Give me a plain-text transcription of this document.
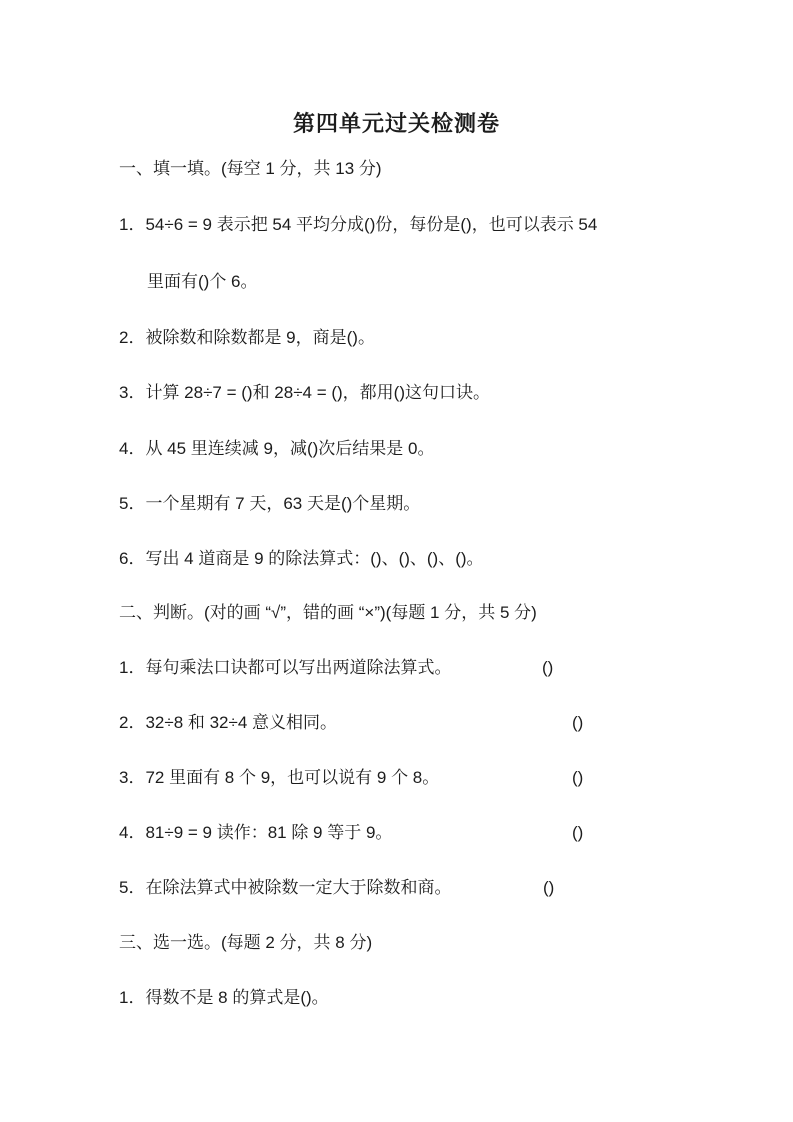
第四单元过关检测卷
一、填一填。(每空 1 分，共 13 分)
1．54÷6 = 9 表示把 54 平均分成()份，每份是()，也可以表示 54
里面有()个 6。
2．被除数和除数都是 9，商是()。
3．计算 28÷7 = ()和 28÷4 = ()，都用()这句口诀。
4．从 45 里连续减 9，减()次后结果是 0。
5．一个星期有 7 天，63 天是()个星期。
6．写出 4 道商是 9 的除法算式：()、()、()、()。
二、判断。(对的画 “√”，错的画 “×”)(每题 1 分，共 5 分)
1．每句乘法口诀都可以写出两道除法算式。	()
2．32÷8 和 32÷4 意义相同。	()
3．72 里面有 8 个 9，也可以说有 9 个 8。	()
4．81÷9 = 9 读作：81 除 9 等于 9。	()
5．在除法算式中被除数一定大于除数和商。	()
三、选一选。(每题 2 分，共 8 分)
1．得数不是 8 的算式是()。
